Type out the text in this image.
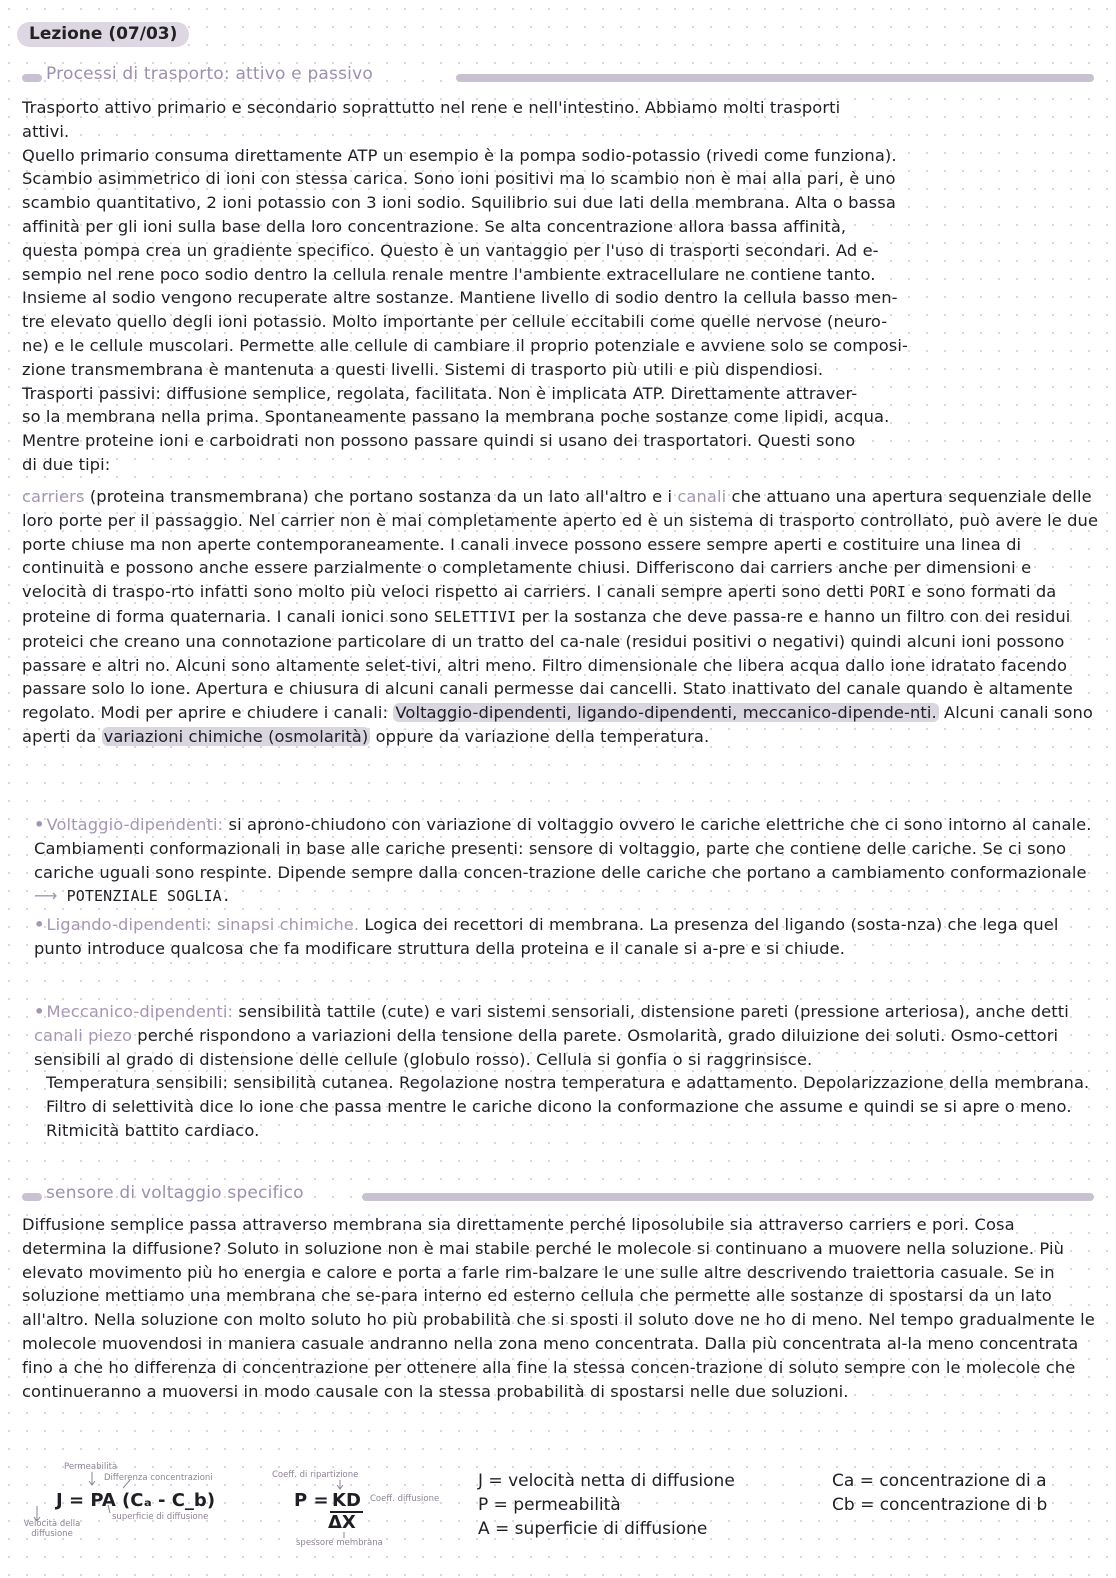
Lezione (07/03)
Processi di trasporto: attivo e passivo
Trasporto attivo primario e secondario soprattutto nel rene e nell'intestino. Abbiamo molti trasporti
attivi.
Quello primario consuma direttamente ATP un esempio è la pompa sodio-potassio (rivedi come funziona).
Scambio asimmetrico di ioni con stessa carica. Sono ioni positivi ma lo scambio non è mai alla pari, è uno
scambio quantitativo, 2 ioni potassio con 3 ioni sodio. Squilibrio sui due lati della membrana. Alta o bassa
affinità per gli ioni sulla base della loro concentrazione. Se alta concentrazione allora bassa affinità,
questa pompa crea un gradiente specifico. Questo è un vantaggio per l'uso di trasporti secondari. Ad e-
sempio nel rene poco sodio dentro la cellula renale mentre l'ambiente extracellulare ne contiene tanto.
Insieme al sodio vengono recuperate altre sostanze. Mantiene livello di sodio dentro la cellula basso men-
tre elevato quello degli ioni potassio. Molto importante per cellule eccitabili come quelle nervose (neuro-
ne) e le cellule muscolari. Permette alle cellule di cambiare il proprio potenziale e avviene solo se composi-
zione transmembrana è mantenuta a questi livelli. Sistemi di trasporto più utili e più dispendiosi.
Trasporti passivi: diffusione semplice, regolata, facilitata. Non è implicata ATP. Direttamente attraver-
so la membrana nella prima. Spontaneamente passano la membrana poche sostanze come lipidi, acqua.
Mentre proteine ioni e carboidrati non possono passare quindi si usano dei trasportatori. Questi sono
di due tipi:

carriers (proteina transmembrana) che portano sostanza da un lato all'altro e i canali che attuano una apertura sequenziale delle loro porte per il passaggio. Nel carrier non è mai completamente aperto ed è un sistema di trasporto controllato, può avere le due porte chiuse ma non aperte contemporaneamente. I canali invece possono essere sempre aperti e costituire una linea di continuità e possono anche essere parzialmente o completamente chiusi. Differiscono dai carriers anche per dimensioni e velocità di traspo-rto infatti sono molto più veloci rispetto ai carriers. I canali sempre aperti sono detti PORI e sono formati da proteine di forma quaternaria. I canali ionici sono SELETTIVI per la sostanza che deve passa-re e hanno un filtro con dei residui proteici che creano una connotazione particolare di un tratto del ca-nale (residui positivi o negativi) quindi alcuni ioni possono passare e altri no. Alcuni sono altamente selet-tivi, altri meno. Filtro dimensionale che libera acqua dallo ione idratato facendo passare solo lo ione. Apertura e chiusura di alcuni canali permesse dai cancelli. Stato inattivato del canale quando è altamente regolato. Modi per aprire e chiudere i canali: Voltaggio-dipendenti, ligando-dipendenti, meccanico-dipende-nti. Alcuni canali sono aperti da variazioni chimiche (osmolarità) oppure da variazione della temperatura.

• Voltaggio-dipendenti: si aprono-chiudono con variazione di voltaggio ovvero le cariche elettriche che ci sono intorno al canale. Cambiamenti conformazionali in base alle cariche presenti: sensore di voltaggio, parte che contiene delle cariche. Se ci sono cariche uguali sono respinte. Dipende sempre dalla concen-trazione delle cariche che portano a cambiamento conformazionale ⟶ POTENZIALE SOGLIA.

• Ligando-dipendenti: sinapsi chimiche. Logica dei recettori di membrana. La presenza del ligando (sosta-nza) che lega quel punto introduce qualcosa che fa modificare struttura della proteina e il canale si a-pre e si chiude.

• Meccanico-dipendenti: sensibilità tattile (cute) e vari sistemi sensoriali, distensione pareti (pressione arteriosa), anche detti canali piezo perché rispondono a variazioni della tensione della parete. Osmolarità, grado diluizione dei soluti. Osmo-cettori sensibili al grado di distensione delle cellule (globulo rosso). Cellula si gonfia o si raggrinsisce.
Temperatura sensibili: sensibilità cutanea. Regolazione nostra temperatura e adattamento. Depolarizzazione della membrana. Filtro di selettività dice lo ione che passa mentre le cariche dicono la conformazione che assume e quindi se si apre o meno. Ritmicità battito cardiaco.
sensore di voltaggio specifico

Diffusione semplice passa attraverso membrana sia direttamente perché liposolubile sia attraverso carriers e pori. Cosa determina la diffusione? Soluto in soluzione non è mai stabile perché le molecole si continuano a muovere nella soluzione. Più elevato movimento più ho energia e calore e porta a farle rim-balzare le une sulle altre descrivendo traiettoria casuale. Se in soluzione mettiamo una membrana che se-para interno ed esterno cellula che permette alle sostanze di spostarsi da un lato all'altro. Nella soluzione con molto soluto ho più probabilità che si sposti il soluto dove ne ho di meno. Nel tempo gradualmente le molecole muovendosi in maniera casuale andranno nella zona meno concentrata. Dalla più concentrata al-la meno concentrata fino a che ho differenza di concentrazione per ottenere alla fine la stessa concen-trazione di soluto sempre con le molecole che continueranno a muoversi in modo causale con la stessa probabilità di spostarsi nelle due soluzioni.

Permeabilità
Differenza concentrazioni
J = PA (Cₐ - C_b)
superficie di diffusione
Velocità della diffusione
Coeff. di ripartizione
P = KD
ΔX
Coeff. diffusione
spessore membrana
J = velocità netta di diffusione
P = permeabilità
A = superficie di diffusione
Ca = concentrazione di a
Cb = concentrazione di b
